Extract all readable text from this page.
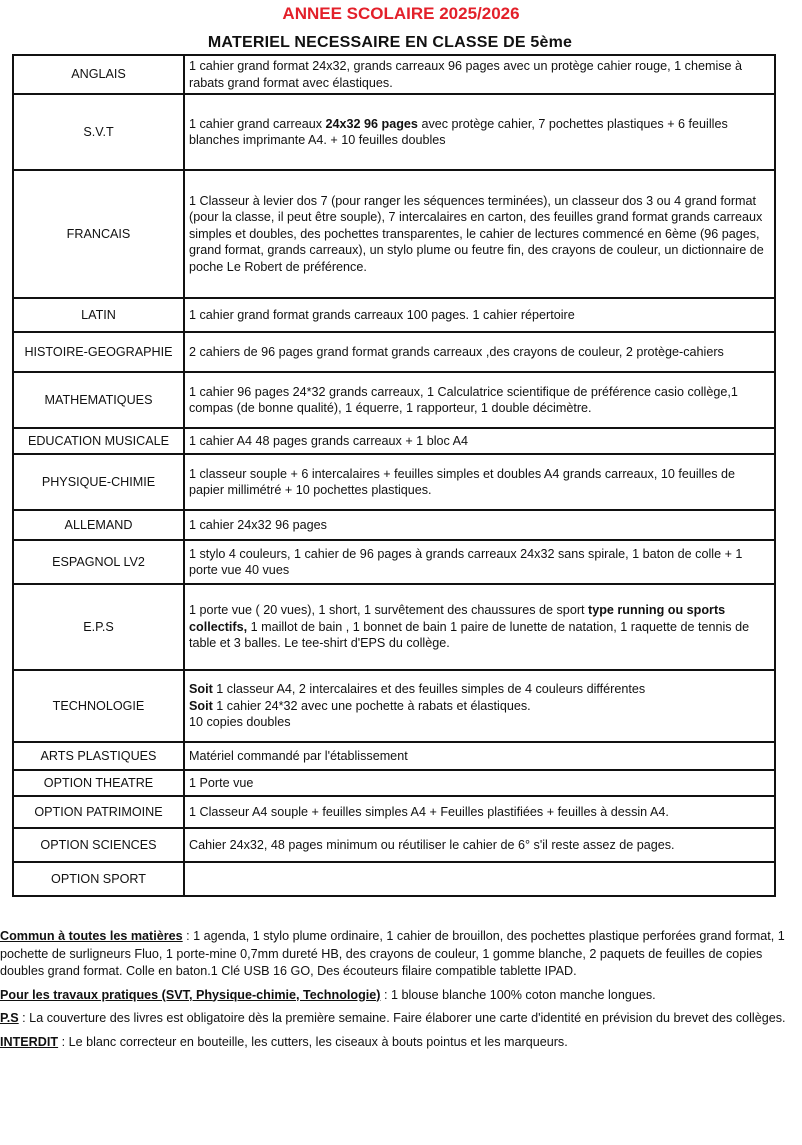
ANNEE SCOLAIRE 2025/2026
MATERIEL NECESSAIRE EN CLASSE DE 5ème
ANGLAIS	1 cahier grand format 24x32, grands carreaux 96 pages avec un protège cahier rouge, 1 chemise à rabats grand format avec élastiques.
S.V.T	1 cahier grand carreaux 24x32 96 pages avec protège cahier, 7 pochettes plastiques + 6 feuilles blanches imprimante A4. + 10 feuilles doubles
FRANCAIS	1 Classeur à levier dos 7 (pour ranger les séquences terminées), un classeur dos 3 ou 4 grand format (pour la classe, il peut être souple), 7 intercalaires en carton, des feuilles grand format grands carreaux simples et doubles, des pochettes transparentes, le cahier de lectures commencé en 6ème (96 pages, grand format, grands carreaux), un stylo plume ou feutre fin, des crayons de couleur, un dictionnaire de poche Le Robert de préférence.
LATIN	1 cahier grand format grands carreaux 100 pages. 1 cahier répertoire
HISTOIRE-GEOGRAPHIE	2 cahiers de 96 pages grand format grands carreaux ,des crayons de couleur, 2 protège-cahiers
MATHEMATIQUES	1 cahier 96 pages 24*32 grands carreaux, 1 Calculatrice scientifique de préférence casio collège,1 compas (de bonne qualité), 1 équerre, 1 rapporteur, 1 double décimètre.
EDUCATION MUSICALE	1 cahier A4 48 pages grands carreaux + 1 bloc A4
PHYSIQUE-CHIMIE	1 classeur souple + 6 intercalaires + feuilles simples et doubles A4 grands carreaux, 10 feuilles de papier millimétré + 10 pochettes plastiques.
ALLEMAND	1 cahier 24x32 96 pages
ESPAGNOL LV2	1 stylo 4 couleurs, 1 cahier de 96 pages à grands carreaux 24x32 sans spirale, 1 baton de colle + 1 porte vue 40 vues
E.P.S	1 porte vue ( 20 vues), 1 short, 1 survêtement des chaussures de sport type running ou sports collectifs, 1 maillot de bain , 1 bonnet de bain 1 paire de lunette de natation, 1 raquette de tennis de table et 3 balles. Le tee-shirt d'EPS du collège.
TECHNOLOGIE	Soit 1 classeur A4, 2 intercalaires et des feuilles simples de 4 couleurs différentes
Soit 1 cahier 24*32 avec une pochette à rabats et élastiques.
10 copies doubles
ARTS PLASTIQUES	Matériel commandé par l'établissement
OPTION THEATRE	1 Porte vue
OPTION PATRIMOINE	1 Classeur A4 souple + feuilles simples A4 + Feuilles plastifiées + feuilles à dessin A4.
OPTION SCIENCES	Cahier 24x32, 48 pages minimum ou réutiliser le cahier de 6° s'il reste assez de pages.
OPTION SPORT	

Commun à toutes les matières : 1 agenda, 1 stylo plume ordinaire, 1 cahier de brouillon, des pochettes plastique perforées grand format, 1 pochette de surligneurs Fluo, 1 porte-mine 0,7mm dureté HB, des crayons de couleur, 1 gomme blanche, 2 paquets de feuilles de copies doubles grand format. Colle en baton.1 Clé USB 16 GO, Des écouteurs filaire compatible tablette IPAD.

Pour les travaux pratiques (SVT, Physique-chimie, Technologie) : 1 blouse blanche 100% coton manche longues.

P.S : La couverture des livres est obligatoire dès la première semaine. Faire élaborer une carte d'identité en prévision du brevet des collèges.

INTERDIT : Le blanc correcteur en bouteille, les cutters, les ciseaux à bouts pointus et les marqueurs.
